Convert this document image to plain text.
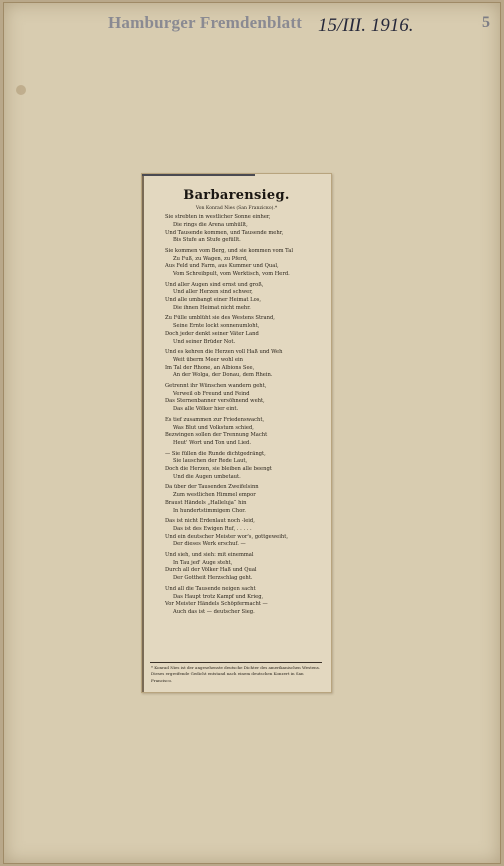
Hamburger Fremdenblatt 15/III. 1916.	5
Barbarensieg.
Von Konrad Nies (San Franziско).*
Sie strebten in westlicher Sonne einher,
Die rings die Arena umhüllt,
Und Tausende kommen, und Tausende mehr,
Bis Stufe an Stufe gefüllt.
Sie kommen vom Berg, und sie kommen vom Tal
Zu Fuß, zu Wagen, zu Pferd,
Aus Feld und Farm, aus Kummer und Qual,
Vom Schreibpult, vom Werktisch, vom Herd.
Und aller Augen sind ernst und groß,
Und aller Herzen sind schwer,
Und alle umbangt einer Heimat Los,
Die ihnen Heimat nicht mehr.
Zu Fülle umblüht sie des Westens Strand,
Seine Ernte lockt sonnenumloht,
Doch jeder denkt seiner Väter Land
Und seiner Brüder Not.
Und es kehren die Herzen voll Haß und Weh
Weit überm Meer wohl ein
Im Tal der Rhone, an Albions See,
An der Wolga, der Donau, dem Rhein.
Getrennt ihr Wünschen wandern geht,
Verweil ob Freund und Feind
Das Sternenbanner versöhnend weht,
Das alle Völker hier eint.
Es tief zusammen zur Friedenswacht,
Was Blut und Volkstum schied,
Bezwingen sollen der Trennung Macht
Heut' Wort und Ton und Lied.
— Sie füllen die Runde dichtgedrängt,
Sie lauschen der Rede Laut,
Doch die Herzen, sie bleiben alle beengt
Und die Augen umbetaut.
Da über der Tausenden Zweifelsinn
Zum westlichen Himmel empor
Braust Händels „Halleluja“ hin
In hundertstimmigem Chor.
Das ist nicht Erdenlaut noch -leid,
Das ist des Ewigen Ruf, . . . . .
Und ein deutscher Meister wor's, gottgeweiht,
Der dieses Werk erschuf. —
Und sieh, und sieh: mit einemmal
In Tau jed' Auge steht,
Durch all der Völker Haß und Qual
Der Gottheit Herzschlag geht.
Und all die Tausende neigen sacht
Das Haupt trotz Kampf und Krieg,
Vor Meister Händels Schöpfermacht —
Auch das ist — deutscher Sieg.
* Konrad Nies ist der angesehenste deutsche Dichter des amerikanischen Westens. Dieses ergreifende Gedicht entstand nach einem deutschen Konzert in San Francisco.
